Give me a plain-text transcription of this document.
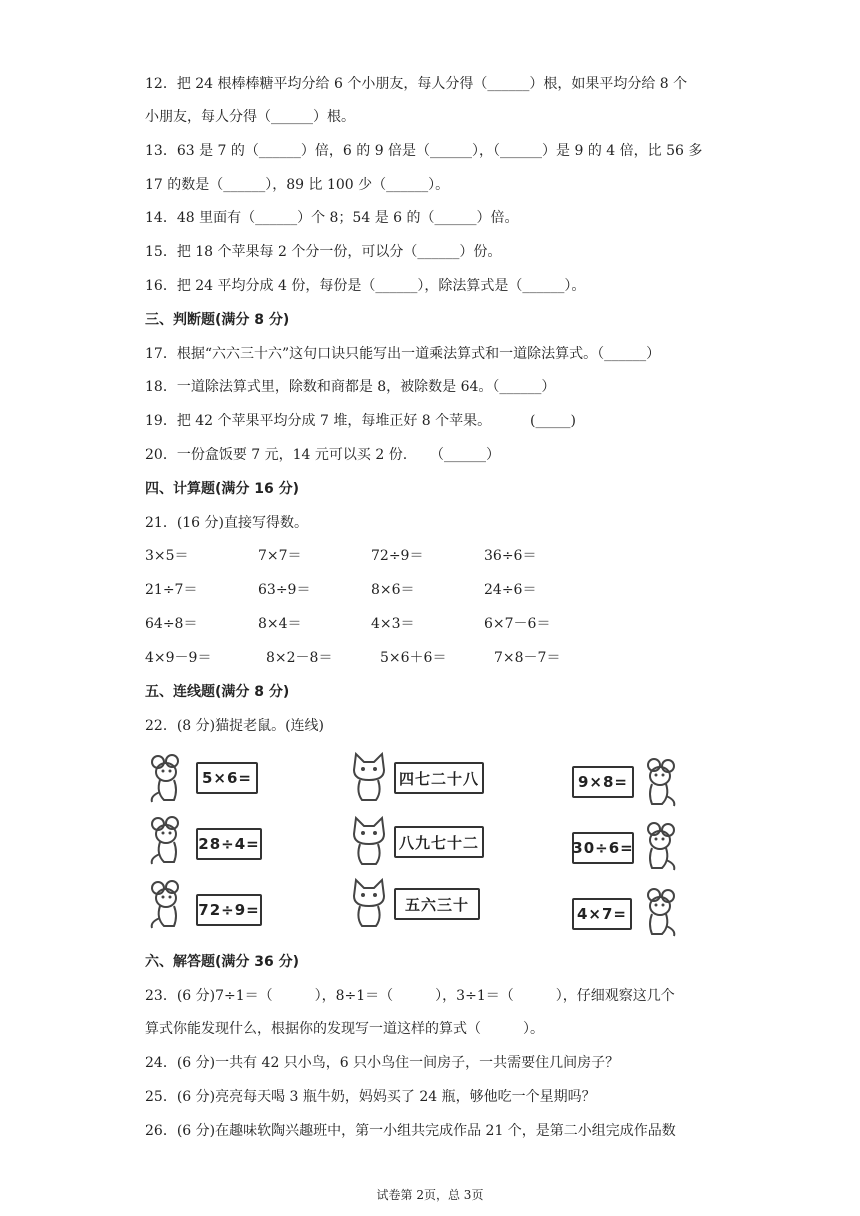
12．把 24 根棒棒糖平均分给 6 个小朋友，每人分得（______）根，如果平均分给 8 个
小朋友，每人分得（______）根。
13．63 是 7 的（______）倍，6 的 9 倍是（______），（______）是 9 的 4 倍，比 56 多
17 的数是（______），89 比 100 少（______）。
14．48 里面有（______）个 8；54 是 6 的（______）倍。
15．把 18 个苹果每 2 个分一份，可以分（______）份。
16．把 24 平均分成 4 份，每份是（______），除法算式是（______）。
三、判断题(满分 8 分)
17．根据“六六三十六”这句口诀只能写出一道乘法算式和一道除法算式。（______）
18．一道除法算式里，除数和商都是 8，被除数是 64。（______）
19．把 42 个苹果平均分成 7 堆，每堆正好 8 个苹果。	(_____)
20．一份盒饭要 7 元，14 元可以买 2 份. （______）
四、计算题(满分 16 分)
21．(16 分)直接写得数。
3×5＝	7×7＝	72÷9＝	36÷6＝
21÷7＝	63÷9＝	8×6＝	24÷6＝
64÷8＝	8×4＝	4×3＝	6×7－6＝
4×9－9＝	8×2－8＝	5×6＋6＝	7×8－7＝
五、连线题(满分 8 分)
22．(8 分)猫捉老鼠。(连线)
5×6=
28÷4=
72÷9=
四七二十八
八九七十二
五六三十
9×8=
30÷6=
4×7=
六、解答题(满分 36 分)
23．(6 分)7÷1＝（　　　），8÷1＝（　　　），3÷1＝（　　　），仔细观察这几个
算式你能发现什么，根据你的发现写一道这样的算式（　　　）。
24．(6 分)一共有 42 只小鸟，6 只小鸟住一间房子，一共需要住几间房子？
25．(6 分)亮亮每天喝 3 瓶牛奶，妈妈买了 24 瓶，够他吃一个星期吗？
26．(6 分)在趣味软陶兴趣班中，第一小组共完成作品 21 个，是第二小组完成作品数
试卷第 2页，总 3页
